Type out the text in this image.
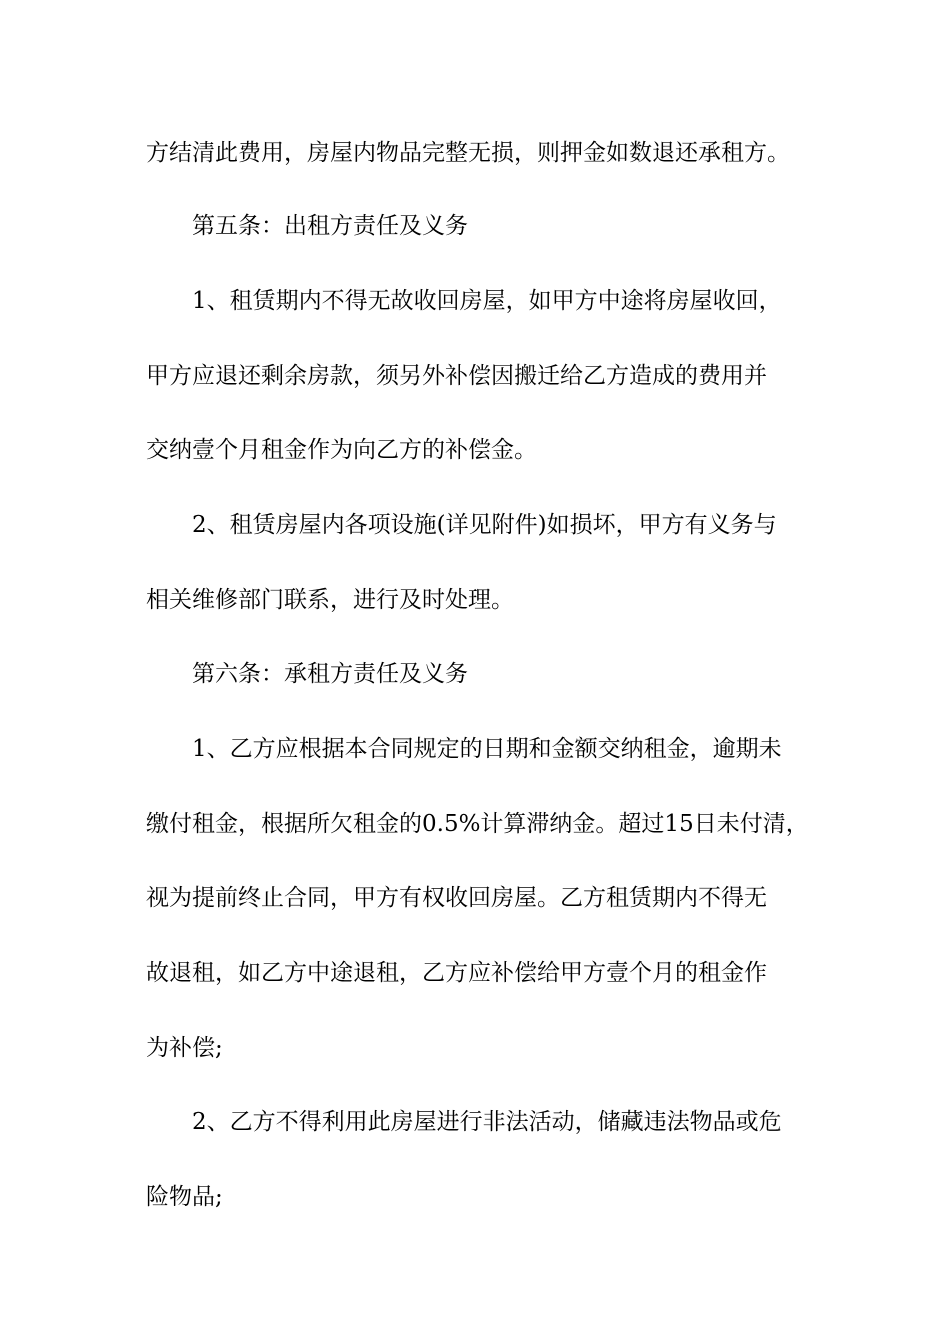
方结清此费用，房屋内物品完整无损，则押金如数退还承租方。
第五条：出租方责任及义务
1、租赁期内不得无故收回房屋，如甲方中途将房屋收回，
甲方应退还剩余房款，须另外补偿因搬迁给乙方造成的费用并
交纳壹个月租金作为向乙方的补偿金。
2、租赁房屋内各项设施(详见附件)如损坏，甲方有义务与
相关维修部门联系，进行及时处理。
第六条：承租方责任及义务
1、乙方应根据本合同规定的日期和金额交纳租金，逾期未
缴付租金，根据所欠租金的0.5%计算滞纳金。超过15日未付清，
视为提前终止合同，甲方有权收回房屋。乙方租赁期内不得无
故退租，如乙方中途退租，乙方应补偿给甲方壹个月的租金作
为补偿;
2、乙方不得利用此房屋进行非法活动，储藏违法物品或危
险物品;
